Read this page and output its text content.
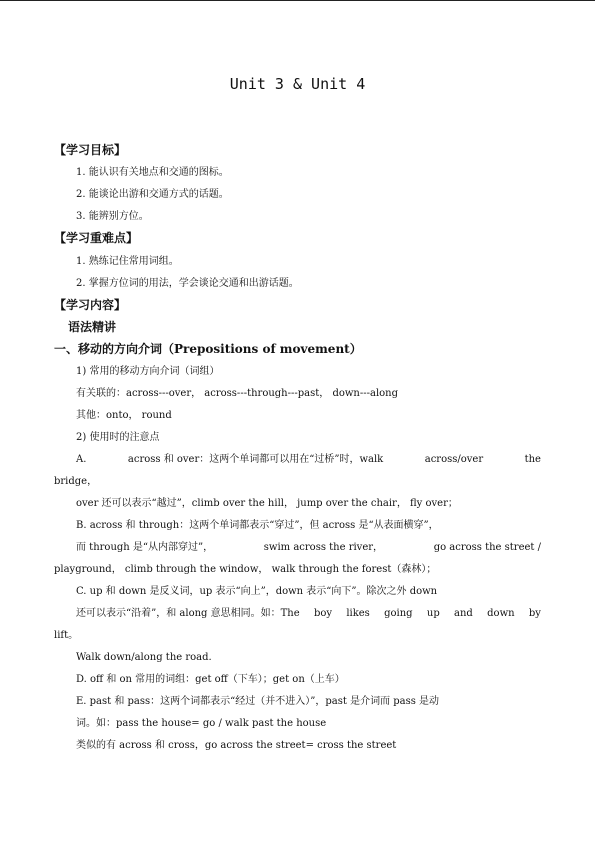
Unit 3 & Unit 4
【学习目标】
1. 能认识有关地点和交通的图标。
2. 能谈论出游和交通方式的话题。
3. 能辨别方位。
【学习重难点】
1. 熟练记住常用词组。
2. 掌握方位词的用法，学会谈论交通和出游话题。
【学习内容】
语法精讲
一、移动的方向介词（Prepositions of movement）
1) 常用的移动方向介词（词组）
有关联的：across---over， across---through---past， down---along
其他：onto， round
2) 使用时的注意点
A.	across 和 over：这两个单词都可以用在“过桥”时，walk	across/over	the
bridge，
over 还可以表示“越过”，climb over the hill， jump over the chair， fly over；
B. across 和 through：这两个单词都表示“穿过”，但 across 是“从表面横穿”，
而 through 是“从内部穿过”，	swim across the river，	go across the street /
playground， climb through the window， walk through the forest（森林）；
C. up 和 down 是反义词，up 表示“向上”，down 表示“向下”。除次之外 down
还可以表示“沿着”，和 along 意思相同。如：The boy likes going up and down by
lift。
Walk down/along the road.
D. off 和 on 常用的词组：get off（下车）；get on（上车）
E. past 和 pass：这两个词都表示“经过（并不进入）”，past 是介词而 pass 是动
词。如：pass the house= go / walk past the house
类似的有 across 和 cross，go across the street= cross the street
